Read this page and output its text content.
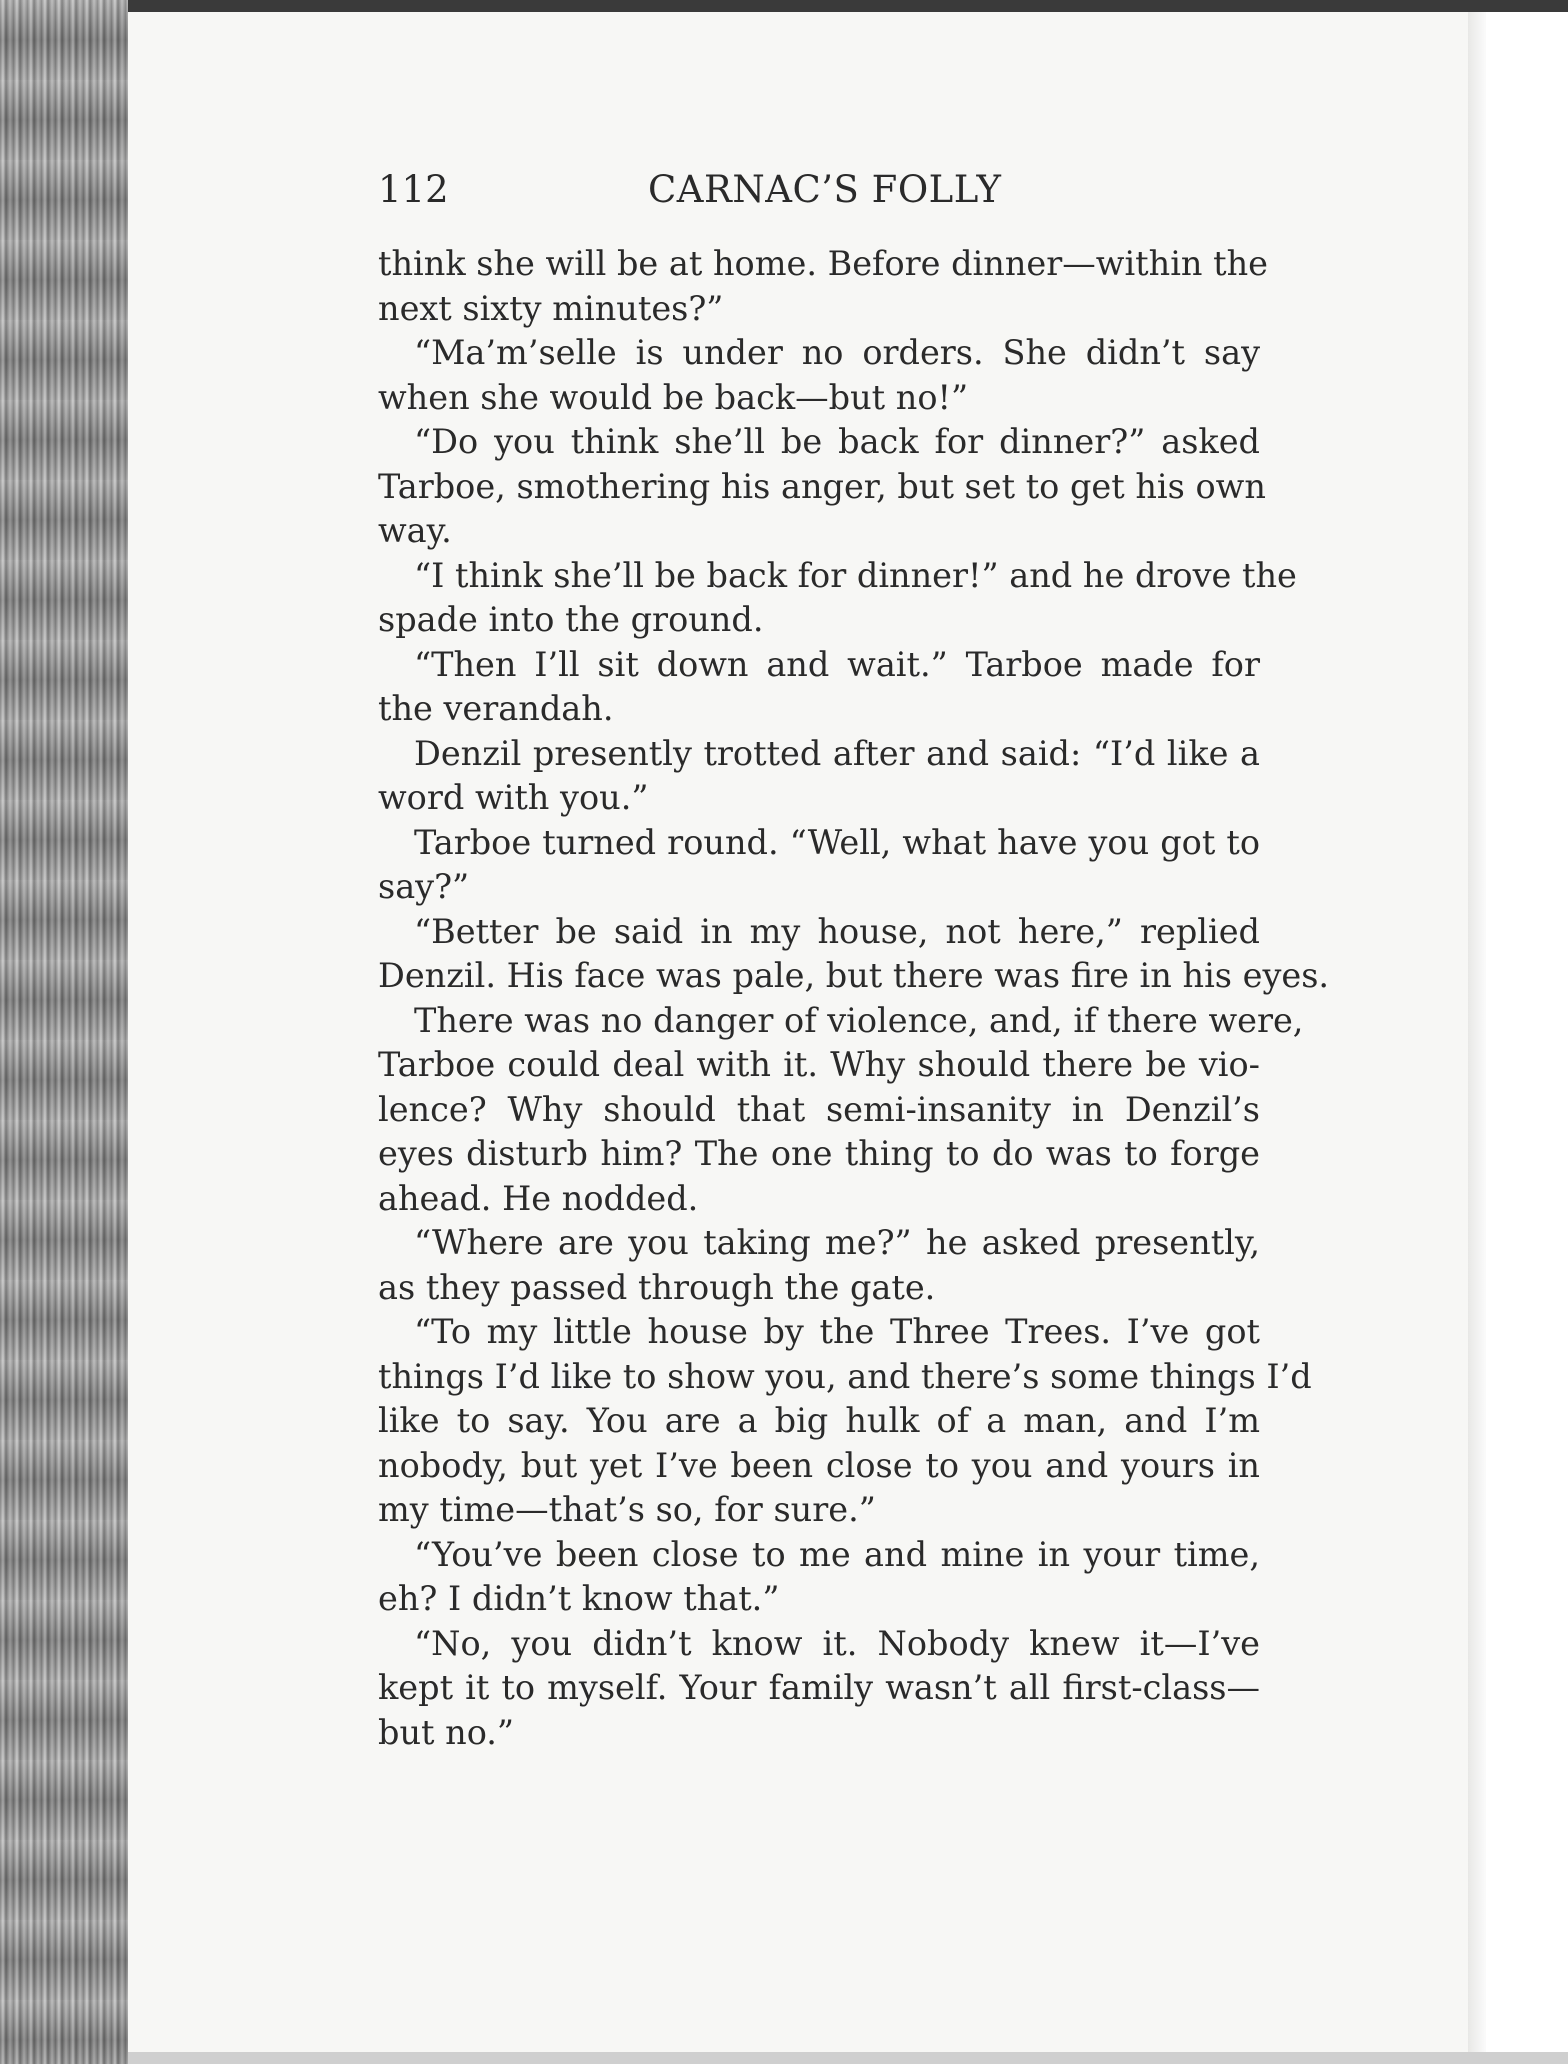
112	CARNAC’S FOLLY
think she will be at home. Before dinner—within the
next sixty minutes?”
“Ma’m’selle is under no orders. She didn’t say
when she would be back—but no!”
“Do you think she’ll be back for dinner?” asked
Tarboe, smothering his anger, but set to get his own
way.
“I think she’ll be back for dinner!” and he drove the
spade into the ground.
“Then I’ll sit down and wait.” Tarboe made for
the verandah.
Denzil presently trotted after and said: “I’d like a
word with you.”
Tarboe turned round. “Well, what have you got to
say?”
“Better be said in my house, not here,” replied
Denzil. His face was pale, but there was fire in his eyes.
There was no danger of violence, and, if there were,
Tarboe could deal with it. Why should there be vio-
lence? Why should that semi-insanity in Denzil’s
eyes disturb him? The one thing to do was to forge
ahead. He nodded.
“Where are you taking me?” he asked presently,
as they passed through the gate.
“To my little house by the Three Trees. I’ve got
things I’d like to show you, and there’s some things I’d
like to say. You are a big hulk of a man, and I’m
nobody, but yet I’ve been close to you and yours in
my time—that’s so, for sure.”
“You’ve been close to me and mine in your time,
eh? I didn’t know that.”
“No, you didn’t know it. Nobody knew it—I’ve
kept it to myself. Your family wasn’t all first-class—
but no.”
